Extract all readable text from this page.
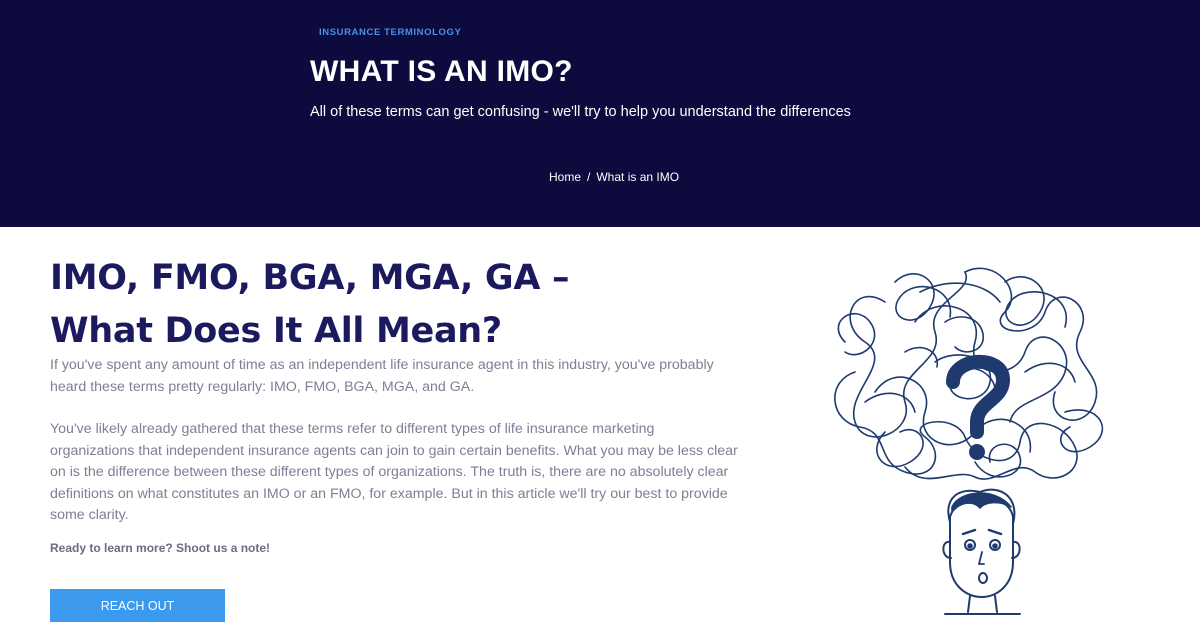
INSURANCE TERMINOLOGY
WHAT IS AN IMO?

All of these terms can get confusing - we'll try to help you understand the differences

Home / What is an IMO
IMO, FMO, BGA, MGA, GA –
What Does It All Mean?

If you've spent any amount of time as an independent life insurance agent in this industry, you've probably heard these terms pretty regularly: IMO, FMO, BGA, MGA, and GA.

You've likely already gathered that these terms refer to different types of life insurance marketing organizations that independent insurance agents can join to gain certain benefits. What you may be less clear on is the difference between these different types of organizations. The truth is, there are no absolutely clear definitions on what constitutes an IMO or an FMO, for example. But in this article we'll try our best to provide some clarity.

Ready to learn more? Shoot us a note!

REACH OUT
